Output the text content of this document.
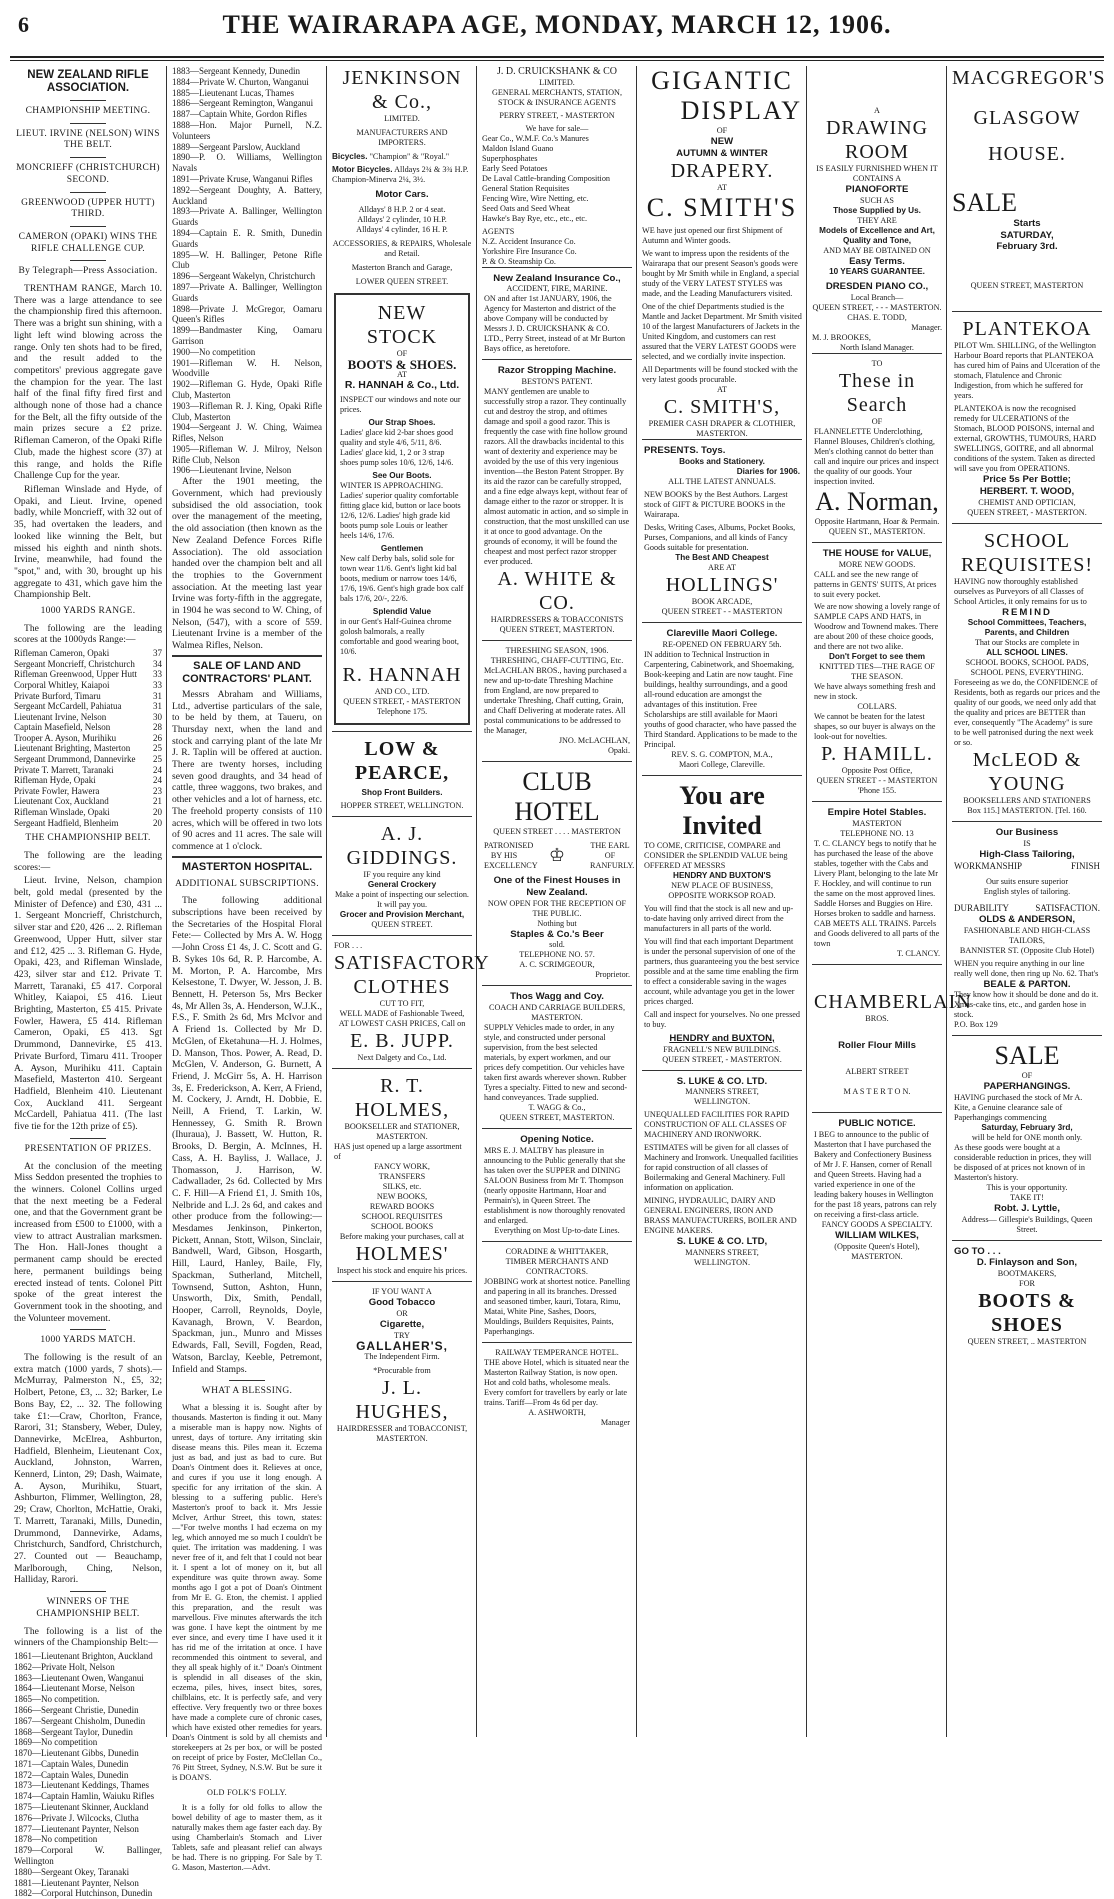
6	THE WAIRARAPA AGE, MONDAY, MARCH 12, 1906.
NEW ZEALAND RIFLE ASSOCIATION.
CHAMPIONSHIP MEETING.
LIEUT. IRVINE (NELSON) WINS THE BELT.
MONCRIEFF (CHRISTCHURCH) SECOND.
GREENWOOD (UPPER HUTT) THIRD.
CAMERON (OPAKI) WINS THE RIFLE CHALLENGE CUP.
By Telegraph—Press Association.

TRENTHAM RANGE, March 10. There was a large attendance to see the championship fired this afternoon. There was a bright sun shining, with a light left wind blowing across the range. Only ten shots had to be fired, and the result added to the competitors' previous aggregate gave the champion for the year. The last half of the final fifty fired first and although none of those had a chance for the Belt, all the fifty outside of the main prizes secure a £2 prize. Rifleman Cameron, of the Opaki Rifle Club, made the highest score (37) at this range, and holds the Rifle Challenge Cup for the year.

Rifleman Winslade and Hyde, of Opaki, and Lieut. Irvine, opened badly, while Moncrieff, with 32 out of 35, had overtaken the leaders, and looked like winning the Belt, but missed his eighth and ninth shots. Irvine, meanwhile, had found the "spot," and, with 30, brought up his aggregate to 431, which gave him the Championship Belt.

1000 YARDS RANGE.

The following are the leading scores at the 1000yds Range:—

Rifleman Cameron, Opaki	37
Sergeant Moncrieff, Christchurch 34
Rifleman Greenwood, Upper Hutt 33
Corporal Whitley, Kaiapoi	33
Private Burford, Timaru	31
Sergeant McCardell, Pahiatua	31
Lieutenant Irvine, Nelson	30
Captain Masefield, Nelson	28
Trooper A. Ayson, Murihiku	26
Lieutenant Brighting, Masterton	25
Sergeant Drummond, Dannevirke 25
Private T. Marrett, Taranaki	24
Rifleman Hyde, Opaki	24
Private Fowler, Hawera	23
Lieutenant Cox, Auckland	21
Rifleman Winslade, Opaki	20
Sergeant Hadfield, Blenheim	20
THE CHAMPIONSHIP BELT.

The following are the leading scores:—

Lieut. Irvine, Nelson, champion belt, gold medal (presented by the Minister of Defence) and £30, 431 ... 1. Sergeant Moncrieff, Christchurch, silver star and £20, 426 ... 2. Rifleman Greenwood, Upper Hutt, silver star and £12, 425 ... 3. Rifleman G. Hyde, Opaki, 423, and Rifleman Winslade, 423, silver star and £12. Private T. Marrett, Taranaki, £5 417. Corporal Whitley, Kaiapoi, £5 416. Lieut Brighting, Masterton, £5 415. Private Fowler, Hawera, £5 414. Rifleman Cameron, Opaki, £5 413. Sgt Drummond, Dannevirke, £5 413. Private Burford, Timaru 411. Trooper A. Ayson, Murihiku 411. Captain Masefield, Masterton 410. Sergeant Hadfield, Blenheim 410. Lieutenant Cox, Auckland 411. Sergeant McCardell, Pahiatua 411. (The last five tie for the 12th prize of £5).

PRESENTATION OF PRIZES.

At the conclusion of the meeting Miss Seddon presented the trophies to the winners. Colonel Collins urged that the next meeting be a Federal one, and that the Government grant be increased from £500 to £1000, with a view to attract Australian marksmen. The Hon. Hall-Jones thought a permanent camp should be erected here, permanent buildings being erected instead of tents. Colonel Pitt spoke of the great interest the Government took in the shooting, and the Volunteer movement.

1000 YARDS MATCH.

The following is the result of an extra match (1000 yards, 7 shots).—McMurray, Palmerston N., £5, 32; Holbert, Petone, £3, ... 32; Barker, Le Bons Bay, £2, ... 32. The following take £1:—Craw, Chorlton, France, Rarori, 31; Stansbery, Weber, Duley, Dannevirke, McElrea, Ashburton, Hadfield, Blenheim, Lieutenant Cox, Auckland, Johnston, Warren, Kennerd, Linton, 29; Dash, Waimate, A. Ayson, Murihiku, Stuart, Ashburton, Flimmer, Wellington, 28, 29; Craw, Chorlton, McHattie, Oraki, T. Marrett, Taranaki, Mills, Dunedin, Drummond, Dannevirke, Adams, Christchurch, Sandford, Christchurch, 27. Counted out — Beauchamp, Marlborough, Ching, Nelson, Halliday, Rarori.

WINNERS OF THE CHAMPIONSHIP BELT.

The following is a list of the winners of the Championship Belt:—

1861—Lieutenant Brighton, Auckland
1862—Private Holt, Nelson
1863—Lieutenant Owen, Wanganui
1864—Lieutenant Morse, Nelson
1865—No competition.
1866—Sergeant Christie, Dunedin
1867—Sergeant Chisholm, Dunedin
1868—Sergeant Taylor, Dunedin
1869—No competition
1870—Lieutenant Gibbs, Dunedin
1871—Captain Wales, Dunedin
1872—Captain Wales, Dunedin
1873—Lieutenant Keddings, Thames
1874—Captain Hamlin, Waiuku Rifles
1875—Lieutenant Skinner, Auckland
1876—Private J. Wilcocks, Clutha
1877—Lieutenant Paynter, Nelson
1878—No competition
1879—Corporal W. Ballinger, Wellington
1880—Sergeant Okey, Taranaki
1881—Lieutenant Paynter, Nelson
1882—Corporal Hutchinson, Dunedin
1883—Sergeant Kennedy, Dunedin
1884—Private W. Churton, Wanganui
1885—Lieutenant Lucas, Thames
1886—Sergeant Remington, Wanganui
1887—Captain White, Gordon Rifles
1888—Hon. Major Purnell, N.Z. Volunteers
1889—Sergeant Parslow, Auckland
1890—P. O. Williams, Wellington Navals
1891—Private Kruse, Wanganui Rifles
1892—Sergeant Doughty, A. Battery, Auckland
1893—Private A. Ballinger, Wellington Guards
1894—Captain E. R. Smith, Dunedin Guards
1895—W. H. Ballinger, Petone Rifle Club
1896—Sergeant Wakelyn, Christchurch
1897—Private A. Ballinger, Wellington Guards
1898—Private J. McGregor, Oamaru Queen's Rifles
1899—Bandmaster King, Oamaru Garrison
1900—No competition
1901—Rifleman W. H. Nelson, Woodville
1902—Rifleman G. Hyde, Opaki Rifle Club, Masterton
1903—Rifleman R. J. King, Opaki Rifle Club, Masterton
1904—Sergeant J. W. Ching, Waimea Rifles, Nelson
1905—Rifleman W. J. Milroy, Nelson Rifle Club, Nelson
1906—Lieutenant Irvine, Nelson

After the 1901 meeting, the Government, which had previously subsidised the old association, took over the management of the meeting, the old association (then known as the New Zealand Defence Forces Rifle Association). The old association handed over the champion belt and all the trophies to the Government association. At the meeting last year Irvine was forty-fifth in the aggregate, in 1904 he was second to W. Ching, of Nelson, (547), with a score of 559. Lieutenant Irvine is a member of the Walmea Rifles, Nelson.

SALE OF LAND AND CONTRACTORS' PLANT.

Messrs Abraham and Williams, Ltd., advertise particulars of the sale, to be held by them, at Taueru, on Thursday next, when the land and stock and carrying plant of the late Mr J. R. Taplin will be offered at auction. There are twenty horses, including seven good draughts, and 34 head of cattle, three waggons, two brakes, and other vehicles and a lot of harness, etc. The freehold property consists of 110 acres, which will be offered in two lots of 90 acres and 11 acres. The sale will commence at 1 o'clock.

MASTERTON HOSPITAL.
ADDITIONAL SUBSCRIPTIONS.

The following additional subscriptions have been received by the Secretaries of the Hospital Floral Fete:— Collected by Mrs A. W. Hogg—John Cross £1 4s, J. C. Scott and G. B. Sykes 10s 6d, R. P. Harcombe, A. M. Morton, P. A. Harcombe, Mrs Kelsestone, T. Dwyer, W. Jesson, J. B. Bennett, H. Peterson 5s, Mrs Becker 4s, Mr Allen 3s, A. Henderson, W.J.K., F.S., F. Smith 2s 6d, Mrs McIvor and A Friend 1s. Collected by Mr D. McGlen, of Eketahuna—H. J. Holmes, D. Manson, Thos. Power, A. Read, D. McGlen, V. Anderson, G. Burnett, A Friend, J. McGirr 5s, A. H. Harrison 3s, E. Frederickson, A. Kerr, A Friend, M. Cockery, J. Arndt, H. Dobbie, E. Neill, A Friend, T. Larkin, W. Hennessey, G. Smith R. Brown (Ihuraua), J. Bassett, W. Hutton, R. Brooks, D. Bergin, A. McInnes, H. Cass, A. H. Bayliss, J. Wallace, J. Thomasson, J. Harrison, W. Cadwallader, 2s 6d. Collected by Mrs C. F. Hill—A Friend £1, J. Smith 10s, Nelbride and L.J. 2s 6d, and cakes and other produce from the following:—Mesdames Jenkinson, Pinkerton, Pickett, Annan, Stott, Wilson, Sinclair, Bandwell, Ward, Gibson, Hosgarth, Hill, Laurd, Hanley, Baile, Fly, Spackman, Sutherland, Mitchell, Townsend, Sutton, Ashton, Hunn, Unsworth, Dix, Smith, Pendall, Hooper, Carroll, Reynolds, Doyle, Kavanagh, Brown, V. Beardon, Spackman, jun., Munro and Misses Edwards, Fall, Sevill, Fogden, Read, Watson, Barclay, Keeble, Petremont, Infield and Stamps.

WHAT A BLESSING.

What a blessing it is. Sought after by thousands. Masterton is finding it out. Many a miserable man is happy now. Nights of unrest, days of torture. Any irritating skin disease means this. Piles mean it. Eczema just as bad, and just as bad to cure. But Doan's Ointment does it. Relieves at once, and cures if you use it long enough. A specific for any irritation of the skin. A blessing to a suffering public. Here's Masterton's proof to back it. Mrs Jessie McIver, Arthur Street, this town, states:—"For twelve months I had eczema on my leg, which annoyed me so much I couldn't be quiet. The irritation was maddening. I was never free of it, and felt that I could not bear it. I spent a lot of money on it, but all expenditure was quite thrown away. Some months ago I got a pot of Doan's Ointment from Mr E. G. Eton, the chemist. I applied this preparation, and the result was marvellous. Five minutes afterwards the itch was gone. I have kept the ointment by me ever since, and every time I have used it it has rid me of the irritation at once. I have recommended this ointment to several, and they all speak highly of it." Doan's Ointment is splendid in all diseases of the skin, eczema, piles, hives, insect bites, sores, chilblains, etc. It is perfectly safe, and very effective. Very frequently two or three boxes have made a complete cure of chronic cases, which have existed other remedies for years. Doan's Ointment is sold by all chemists and storekeepers at 2s per box, or will be posted on receipt of price by Foster, McClellan Co., 76 Pitt Street, Sydney, N.S.W. But be sure it is DOAN'S.

OLD FOLK'S FOLLY.

It is a folly for old folks to allow the bowel debility of age to master them, as it naturally makes them age faster each day. By using Chamberlain's Stomach and Liver Tablets, safe and pleasant relief can always be had. There is no gripping. For Sale by T. G. Mason, Masterton.—Advt.

JENKINSON & Co.,
LIMITED.
MANUFACTURERS AND IMPORTERS.
Bicycles. "Champion" & "Royal."
Motor Bicycles. Alldays 2¾ & 3¾ H.P. Champion-Minerva 2¼, 3½.
Motor Cars.
Alldays' 8 H.P. 2 or 4 seat.
Alldays' 2 cylinder, 10 H.P.
Alldays' 4 cylinder, 16 H. P.
ACCESSORIES, & REPAIRS, Wholesale and Retail.
Masterton Branch and Garage,
LOWER QUEEN STREET.
NEW STOCK
OF
BOOTS & SHOES.
AT
R. HANNAH & Co., Ltd.
INSPECT our windows and note our prices.
Our Strap Shoes.
Ladies' glace kid 2-bar shoes good quality and style 4/6, 5/11, 8/6. Ladies' glace kid, 1, 2 or 3 strap shoes pump soles 10/6, 12/6, 14/6.
See Our Boots.
WINTER IS APPROACHING. Ladies' superior quality comfortable fitting glace kid, button or lace boots 12/6, 12/6. Ladies' high grade kid boots pump sole Louis or leather heels 14/6, 17/6.
Gentlemen
New calf Derby bals, solid sole for town wear 11/6. Gent's light kid bal boots, medium or narrow toes 14/6, 17/6, 19/6. Gent's high grade box calf bals 17/6, 20/-, 22/6.
Splendid Value
in our Gent's Half-Guinea chrome golosh balmorals, a really comfortable and good wearing boot, 10/6.
R. HANNAH
AND CO., LTD.
QUEEN STREET, - MASTERTON
Telephone 175.
LOW & PEARCE,
Shop Front Builders.
HOPPER STREET, WELLINGTON.
A. J. GIDDINGS.
IF you require any kind
General Crockery
Make a point of inspecting our selection. It will pay you.
Grocer and Provision Merchant,
QUEEN STREET.
FOR . . .
SATISFACTORY CLOTHES
CUT TO FIT,
WELL MADE of Fashionable Tweed, AT LOWEST CASH PRICES, Call on
E. B. JUPP.
Next Dalgety and Co., Ltd.
R. T. HOLMES,
BOOKSELLER and STATIONER,
MASTERTON.
HAS just opened up a large assortment of
FANCY WORK,
TRANSFERS
SILKS, etc.
NEW BOOKS,
REWARD BOOKS
SCHOOL REQUISITES
SCHOOL BOOKS
Before making your purchases, call at
HOLMES'
Inspect his stock and enquire his prices.
IF YOU WANT A
Good Tobacco
OR
Cigarette,
TRY
GALLAHER'S,
The Independent Firm.
*Procurable from
J. L. HUGHES,
HAIRDRESSER and TOBACCONIST,
MASTERTON.
J. D. CRUICKSHANK & CO
LIMITED.
GENERAL MERCHANTS, STATION, STOCK & INSURANCE AGENTS
PERRY STREET, - MASTERTON
We have for sale—
Gear Co., W.M.F. Co.'s Manures
Maldon Island Guano
Superphosphates
Early Seed Potatoes
De Laval Cattle-branding Composition
General Station Requisites
Fencing Wire, Wire Netting, etc.
Seed Oats and Seed Wheat
Hawke's Bay Rye, etc., etc., etc.
AGENTS
N.Z. Accident Insurance Co.
Yorkshire Fire Insurance Co.
P. & O. Steamship Co.
New Zealand Insurance Co.,
ACCIDENT, FIRE, MARINE.
ON and after 1st JANUARY, 1906, the Agency for Masterton and district of the above Company will be conducted by Messrs J. D. CRUICKSHANK & CO. LTD., Perry Street, instead of at Mr Burton Bays office, as heretofore.
Razor Stropping Machine.
BESTON'S PATENT.
MANY gentlemen are unable to successfully strop a razor. They continually cut and destroy the strop, and oftimes damage and spoil a good razor. This is frequently the case with fine hollow ground razors. All the drawbacks incidental to this want of dexterity and experience may be avoided by the use of this very ingenious invention—the Beston Patent Stropper. By its aid the razor can be carefully stropped, and a fine edge always kept, without fear of damage either to the razor or stropper. It is almost automatic in action, and so simple in construction, that the most unskilled can use it at once to good advantage. On the grounds of economy, it will be found the cheapest and most perfect razor stropper ever produced.
A. WHITE & CO.
HAIRDRESSERS & TOBACCONISTS
QUEEN STREET, MASTERTON.
THRESHING SEASON, 1906.
THRESHING, CHAFF-CUTTING, Etc.
McLACHLAN BROS., having purchased a new and up-to-date Threshing Machine from England, are now prepared to undertake Threshing, Chaff cutting, Grain, and Chaff Delivering at moderate rates. All postal communications to be addressed to the Manager,
JNO. McLACHLAN,
Opaki.
CLUB HOTEL
QUEEN STREET . . . . MASTERTON
PATRONISED BY HIS EXCELLENCY
♔	THE EARL OF RANFURLY.
One of the Finest Houses in New Zealand.
NOW OPEN FOR THE RECEPTION OF THE PUBLIC.
Nothing but
Staples & Co.'s Beer
sold.
TELEPHONE NO. 57.
A. C. SCRIMGEOUR,
Proprietor.
Thos Wagg and Coy.
COACH AND CARRIAGE BUILDERS, MASTERTON.
SUPPLY Vehicles made to order, in any style, and constructed under personal supervision, from the best selected materials, by expert workmen, and our prices defy competition. Our vehicles have taken first awards wherever shown. Rubber Tyres a specialty. Fitted to new and second-hand conveyances. Trade supplied.
T. WAGG & Co.,
QUEEN STREET, MASTERTON.
Opening Notice.
MRS E. J. MALTBY has pleasure in announcing to the Public generally that she has taken over the SUPPER and DINING SALOON Business from Mr T. Thompson (nearly opposite Hartmann, Hoar and Permain's), in Queen Street. The establishment is now thoroughly renovated and enlarged.
Everything on Most Up-to-date Lines.
CORADINE & WHITTAKER,
TIMBER MERCHANTS AND CONTRACTORS.
JOBBING work at shortest notice. Panelling and papering in all its branches. Dressed and seasoned timber, kauri, Totara, Rimu, Matai, White Pine, Sashes, Doors, Mouldings, Builders Requisites, Paints, Paperhangings.
RAILWAY TEMPERANCE HOTEL.
THE above Hotel, which is situated near the Masterton Railway Station, is now open. Hot and cold baths, wholesome meals. Every comfort for travellers by early or late trains. Tariff—From 4s 6d per day.
A. ASHWORTH,
Manager
GIGANTIC
DISPLAY
OF
NEW
AUTUMN & WINTER
DRAPERY.
AT
C. SMITH'S
WE have just opened our first Shipment of Autumn and Winter goods.
We want to impress upon the residents of the Wairarapa that our present Season's goods were bought by Mr Smith while in England, a special study of the VERY LATEST STYLES was made, and the Leading Manufacturers visited.
One of the chief Departments studied is the Mantle and Jacket Department. Mr Smith visited 10 of the largest Manufacturers of Jackets in the United Kingdom, and customers can rest assured that the VERY LATEST GOODS were selected, and we cordially invite inspection.
All Departments will be found stocked with the very latest goods procurable.
AT
C. SMITH'S,
PREMIER CASH DRAPER & CLOTHIER, MASTERTON.
PRESENTS. Toys.
Books and Stationery.
Diaries for 1906.
ALL THE LATEST ANNUALS.
NEW BOOKS by the Best Authors. Largest stock of GIFT & PICTURE BOOKS in the Wairarapa.
Desks, Writing Cases, Albums, Pocket Books, Purses, Companions, and all kinds of Fancy Goods suitable for presentation.
The Best AND Cheapest
ARE AT
HOLLINGS'
BOOK ARCADE,
QUEEN STREET - - MASTERTON
Clareville Maori College.
RE-OPENED ON FEBRUARY 5th.
IN addition to Technical Instruction in Carpentering, Cabinetwork, and Shoemaking, Book-keeping and Latin are now taught. Fine buildings, healthy surroundings, and a good all-round education are amongst the advantages of this institution. Free Scholarships are still available for Maori youths of good character, who have passed the Third Standard. Applications to be made to the Principal.
REV. S. G. COMPTON, M.A.,
Maori College, Clareville.
You are Invited
TO COME, CRITICISE, COMPARE and CONSIDER the SPLENDID VALUE being OFFERED AT MESSRS
HENDRY AND BUXTON'S
NEW PLACE OF BUSINESS,
OPPOSITE WORKSOP ROAD.
You will find that the stock is all new and up-to-date having only arrived direct from the manufacturers in all parts of the world.
You will find that each important Department is under the personal supervision of one of the partners, thus guaranteeing you the best service possible and at the same time enabling the firm to effect a considerable saving in the wages account, while advantage you get in the lower prices charged.
Call and inspect for yourselves. No one pressed to buy.
HENDRY and BUXTON,
FRAGNELL'S NEW BUILDINGS.
QUEEN STREET, - MASTERTON.
S. LUKE & CO. LTD.
MANNERS STREET,
WELLINGTON.
UNEQUALLED FACILITIES FOR RAPID CONSTRUCTION OF ALL CLASSES OF MACHINERY AND IRONWORK.
ESTIMATES will be given for all classes of Machinery and Ironwork. Unequalled facilities for rapid construction of all classes of Boilermaking and General Machinery. Full information on application.
MINING, HYDRAULIC, DAIRY AND GENERAL ENGINEERS, IRON AND BRASS MANUFACTURERS, BOILER AND ENGINE MAKERS.
S. LUKE & CO. LTD,
MANNERS STREET,
WELLINGTON.
A
DRAWING ROOM
IS EASILY FURNISHED WHEN IT CONTAINS A
PIANOFORTE
SUCH AS
Those Supplied by Us.
THEY ARE
Models of Excellence and Art, Quality and Tone,
AND MAY BE OBTAINED ON
Easy Terms.
10 YEARS GUARANTEE.
DRESDEN PIANO CO.,
Local Branch—
QUEEN STREET, - - - MASTERTON.
CHAS. E. TODD,
Manager.
M. J. BROOKES,
North Island Manager.
TO
These in Search
OF
FLANNELETTE Underclothing, Flannel Blouses, Children's clothing, Men's clothing cannot do better than call and inquire our prices and inspect the quality of our goods. Your inspection invited.
A. Norman,
Opposite Hartmann, Hoar & Permain. QUEEN ST., MASTERTON.
THE HOUSE for VALUE,
MORE NEW GOODS.
CALL and see the new range of patterns in GENTS' SUITS, At prices to suit every pocket.
We are now showing a lovely range of SAMPLE CAPS AND HATS, in Woodrow and Townend makes. There are about 200 of these choice goods, and there are not two alike.
Don't Forget to see them
KNITTED TIES—THE RAGE OF THE SEASON.
We have always something fresh and new in stock.
COLLARS.
We cannot be beaten for the latest shapes, so our buyer is always on the look-out for novelties.
P. HAMILL.
Opposite Post Office,
QUEEN STREET - - MASTERTON
'Phone 155.
Empire Hotel Stables.
MASTERTON
TELEPHONE NO. 13
T. C. CLANCY begs to notify that he has purchased the lease of the above stables, together with the Cabs and Livery Plant, belonging to the late Mr F. Hockley, and will continue to run the same on the most approved lines. Saddle Horses and Buggies on Hire. Horses broken to saddle and harness. CAB MEETS ALL TRAINS. Parcels and Goods delivered to all parts of the town
T. CLANCY.
CHAMBERLAIN
BROS.
Roller Flour Mills
ALBERT STREET
M A S T E R T O N.
PUBLIC NOTICE.
I BEG to announce to the public of Masterton that I have purchased the Bakery and Confectionery Business of Mr J. F. Hansen, corner of Renall and Queen Streets. Having had a varied experience in one of the leading bakery houses in Wellington for the past 18 years, patrons can rely on receiving a first-class article.
FANCY GOODS A SPECIALTY.
WILLIAM WILKES,
(Opposite Queen's Hotel),
MASTERTON.
MACGREGOR'S
GLASGOW
HOUSE.
SALE
Starts
SATURDAY,
February 3rd.
QUEEN STREET, MASTERTON
PLANTEKOA
PILOT Wm. SHILLING, of the Wellington Harbour Board reports that PLANTEKOA has cured him of Pains and Ulceration of the stomach, Flatulence and Chronic Indigestion, from which he suffered for years.
PLANTEKOA is now the recognised remedy for ULCERATIONS of the Stomach, BLOOD POISONS, internal and external, GROWTHS, TUMOURS, HARD SWELLINGS, GOITRE, and all abnormal conditions of the system. Taken as directed will save you from OPERATIONS.
Price 5s Per Bottle;
HERBERT. T. WOOD,
CHEMIST AND OPTICIAN,
QUEEN STREET, - MASTERTON.
SCHOOL REQUISITES!
HAVING now thoroughly established ourselves as Purveyors of all Classes of School Articles, it only remains for us to
REMIND
School Committees, Teachers, Parents, and Children
That our Stocks are complete in
ALL SCHOOL LINES.
SCHOOL BOOKS, SCHOOL PADS, SCHOOL PENS, EVERYTHING.
Foreseeing as we do, the CONFIDENCE of Residents, both as regards our prices and the quality of our goods, we need only add that the quality and prices are BETTER than ever, consequently "The Academy" is sure to be well patronised during the next week or so.
McLEOD & YOUNG
BOOKSELLERS AND STATIONERS
Box 115.] MASTERTON. [Tel. 160.
Our Business
IS
High-Class Tailoring,
WORKMANSHIP	FINISH
Our suits ensure superior English styles of tailoring.
DURABILITY	SATISFACTION.
OLDS & ANDERSON,
FASHIONABLE AND HIGH-CLASS TAILORS,
BANNISTER ST. (Opposite Club Hotel)
WHEN you require anything in our line really well done, then ring up No. 62. That's
BEALE & PARTON.
They know how it should be done and do it. Xmas-cake tins, etc., and garden hose in stock.
P.O. Box 129
SALE
OF
PAPERHANGINGS.
HAVING purchased the stock of Mr A. Kite, a Genuine clearance sale of Paperhangings commencing
Saturday, February 3rd,
will be held for ONE month only.
As these goods were bought at a considerable reduction in prices, they will be disposed of at prices not known of in Masterton's history.
This is your opportunity.
TAKE IT!
Robt. J. Lyttle,
Address— Gillespie's Buildings, Queen Street.
GO TO . . .
D. Finlayson and Son,
BOOTMAKERS,
FOR
BOOTS & SHOES
QUEEN STREET, .. MASTERTON
